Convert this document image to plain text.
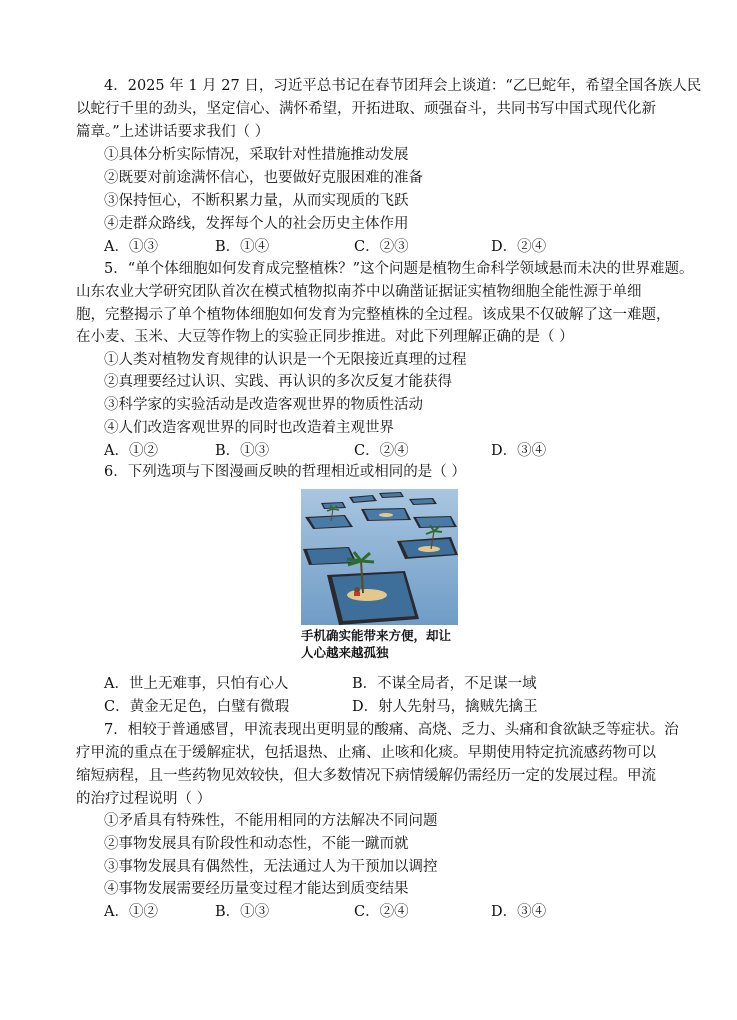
4．2025 年 1 月 27 日，习近平总书记在春节团拜会上谈道：“乙巳蛇年，希望全国各族人民
以蛇行千里的劲头，坚定信心、满怀希望，开拓进取、顽强奋斗，共同书写中国式现代化新
篇章。”上述讲话要求我们（ ）
①具体分析实际情况，采取针对性措施推动发展
②既要对前途满怀信心，也要做好克服困难的准备
③保持恒心，不断积累力量，从而实现质的飞跃
④走群众路线，发挥每个人的社会历史主体作用
A．①③	B．①④	C．②③	D．②④
5．“单个体细胞如何发育成完整植株？”这个问题是植物生命科学领域悬而未决的世界难题。
山东农业大学研究团队首次在模式植物拟南芥中以确凿证据证实植物细胞全能性源于单细
胞，完整揭示了单个植物体细胞如何发育为完整植株的全过程。该成果不仅破解了这一难题，
在小麦、玉米、大豆等作物上的实验正同步推进。对此下列理解正确的是（ ）
①人类对植物发育规律的认识是一个无限接近真理的过程
②真理要经过认识、实践、再认识的多次反复才能获得
③科学家的实验活动是改造客观世界的物质性活动
④人们改造客观世界的同时也改造着主观世界
A．①②	B．①③	C．②④	D．③④
6．下列选项与下图漫画反映的哲理相近或相同的是（ ）
手机确实能带来方便，却让
人心越来越孤独
A．世上无难事，只怕有心人	B．不谋全局者，不足谋一域
C．黄金无足色，白璧有微瑕	D．射人先射马，擒贼先擒王
7．相较于普通感冒，甲流表现出更明显的酸痛、高烧、乏力、头痛和食欲缺乏等症状。治
疗甲流的重点在于缓解症状，包括退热、止痛、止咳和化痰。早期使用特定抗流感药物可以
缩短病程，且一些药物见效较快，但大多数情况下病情缓解仍需经历一定的发展过程。甲流
的治疗过程说明（ ）
①矛盾具有特殊性，不能用相同的方法解决不同问题
②事物发展具有阶段性和动态性，不能一蹴而就
③事物发展具有偶然性，无法通过人为干预加以调控
④事物发展需要经历量变过程才能达到质变结果
A．①②	B．①③	C．②④	D．③④
